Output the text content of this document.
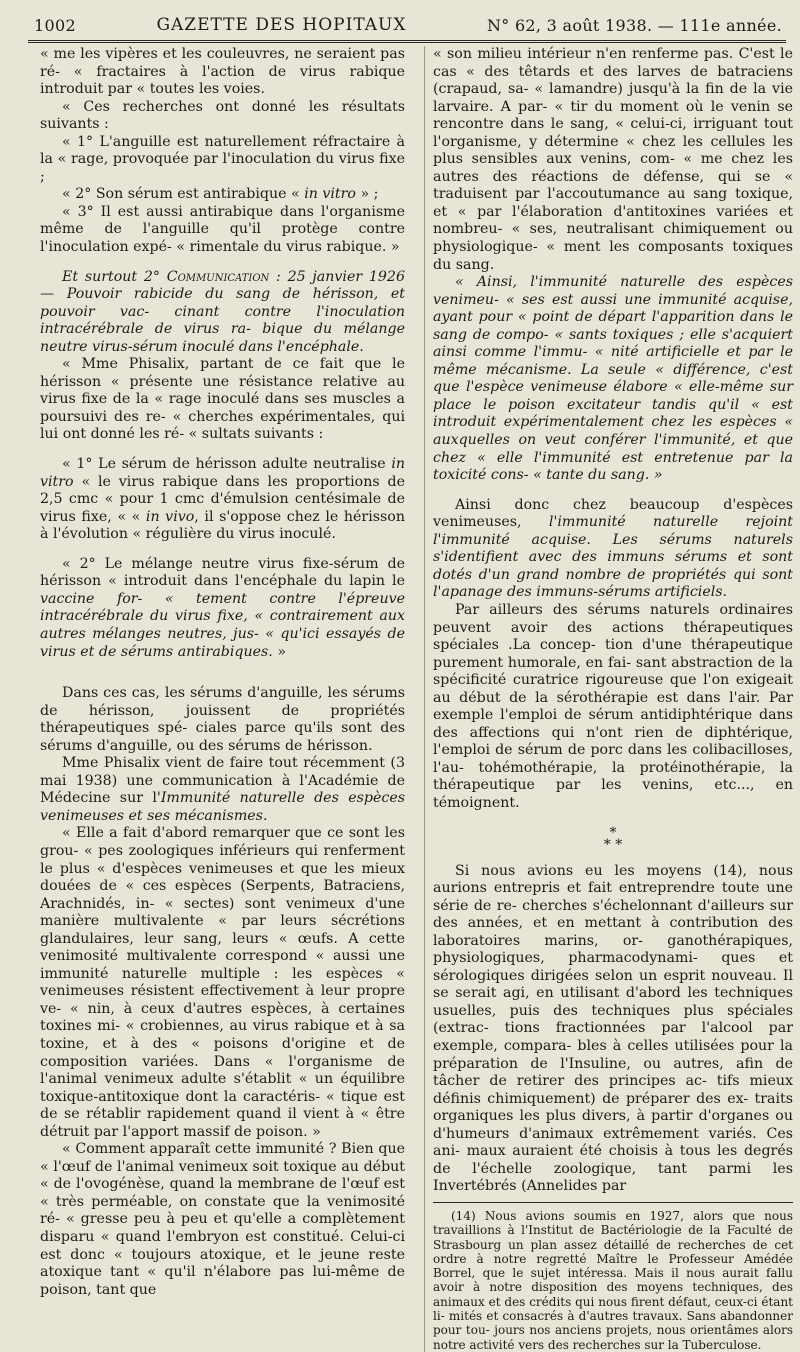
1002	GAZETTE DES HOPITAUX	N° 62, 3 août 1938. — 111e année.

« me les vipères et les couleuvres, ne seraient pas ré- « fractaires à l'action de virus rabique introduit par « toutes les voies.

« Ces recherches ont donné les résultats suivants :

« 1° L'anguille est naturellement réfractaire à la « rage, provoquée par l'inoculation du virus fixe ;

« 2° Son sérum est antirabique « in vitro » ;

« 3° Il est aussi antirabique dans l'organisme même de l'anguille qu'il protège contre l'inoculation expé- « rimentale du virus rabique. »

Et surtout 2° Communication : 25 janvier 1926 — Pouvoir rabicide du sang de hérisson, et pouvoir vac- cinant contre l'inoculation intracérébrale de virus ra- bique du mélange neutre virus-sérum inoculé dans l'encéphale.

« Mme Phisalix, partant de ce fait que le hérisson « présente une résistance relative au virus fixe de la « rage inoculé dans ses muscles a poursuivi des re- « cherches expérimentales, qui lui ont donné les ré- « sultats suivants :

« 1° Le sérum de hérisson adulte neutralise in vitro « le virus rabique dans les proportions de 2,5 cmc « pour 1 cmc d'émulsion centésimale de virus fixe, « « in vivo, il s'oppose chez le hérisson à l'évolution « régulière du virus inoculé.

« 2° Le mélange neutre virus fixe-sérum de hérisson « introduit dans l'encéphale du lapin le vaccine for- « tement contre l'épreuve intracérébrale du virus fixe, « contrairement aux autres mélanges neutres, jus- « qu'ici essayés de virus et de sérums antirabiques. »

Dans ces cas, les sérums d'anguille, les sérums de hérisson, jouissent de propriétés thérapeutiques spé- ciales parce qu'ils sont des sérums d'anguille, ou des sérums de hérisson.

Mme Phisalix vient de faire tout récemment (3 mai 1938) une communication à l'Académie de Médecine sur l'Immunité naturelle des espèces venimeuses et ses mécanismes.

« Elle a fait d'abord remarquer que ce sont les grou- « pes zoologiques inférieurs qui renferment le plus « d'espèces venimeuses et que les mieux douées de « ces espèces (Serpents, Batraciens, Arachnidés, in- « sectes) sont venimeux d'une manière multivalente « par leurs sécrétions glandulaires, leur sang, leurs « œufs. A cette venimosité multivalente correspond « aussi une immunité naturelle multiple : les espèces « venimeuses résistent effectivement à leur propre ve- « nin, à ceux d'autres espèces, à certaines toxines mi- « crobiennes, au virus rabique et à sa toxine, et à des « poisons d'origine et de composition variées. Dans « l'organisme de l'animal venimeux adulte s'établit « un équilibre toxique-antitoxique dont la caractéris- « tique est de se rétablir rapidement quand il vient à « être détruit par l'apport massif de poison. »

« Comment apparaît cette immunité ? Bien que « l'œuf de l'animal venimeux soit toxique au début « de l'ovogénèse, quand la membrane de l'œuf est « très perméable, on constate que la venimosité ré- « gresse peu à peu et qu'elle a complètement disparu « quand l'embryon est constitué. Celui-ci est donc « toujours atoxique, et le jeune reste atoxique tant « qu'il n'élabore pas lui-même de poison, tant que

« son milieu intérieur n'en renferme pas. C'est le cas « des têtards et des larves de batraciens (crapaud, sa- « lamandre) jusqu'à la fin de la vie larvaire. A par- « tir du moment où le venin se rencontre dans le sang, « celui-ci, irriguant tout l'organisme, y détermine « chez les cellules les plus sensibles aux venins, com- « me chez les autres des réactions de défense, qui se « traduisent par l'accoutumance au sang toxique, et « par l'élaboration d'antitoxines variées et nombreu- « ses, neutralisant chimiquement ou physiologique- « ment les composants toxiques du sang.

« Ainsi, l'immunité naturelle des espèces venimeu- « ses est aussi une immunité acquise, ayant pour « point de départ l'apparition dans le sang de compo- « sants toxiques ; elle s'acquiert ainsi comme l'immu- « nité artificielle et par le même mécanisme. La seule « différence, c'est que l'espèce venimeuse élabore « elle-même sur place le poison excitateur tandis qu'il « est introduit expérimentalement chez les espèces « auxquelles on veut conférer l'immunité, et que chez « elle l'immunité est entretenue par la toxicité cons- « tante du sang. »

Ainsi donc chez beaucoup d'espèces venimeuses, l'immunité naturelle rejoint l'immunité acquise. Les sérums naturels s'identifient avec des immuns sérums et sont dotés d'un grand nombre de propriétés qui sont l'apanage des immuns-sérums artificiels.

Par ailleurs des sérums naturels ordinaires peuvent avoir des actions thérapeutiques spéciales .La concep- tion d'une thérapeutique purement humorale, en fai- sant abstraction de la spécificité curatrice rigoureuse que l'on exigeait au début de la sérothérapie est dans l'air. Par exemple l'emploi de sérum antidiphtérique dans des affections qui n'ont rien de diphtérique, l'emploi de sérum de porc dans les colibacilloses, l'au- tohémothérapie, la protéinothérapie, la thérapeutique par les venins, etc..., en témoignent.

*
* *

Si nous avions eu les moyens (14), nous aurions entrepris et fait entreprendre toute une série de re- cherches s'échelonnant d'ailleurs sur des années, et en mettant à contribution des laboratoires marins, or- ganothérapiques, physiologiques, pharmacodynami- ques et sérologiques dirigées selon un esprit nouveau. Il se serait agi, en utilisant d'abord les techniques usuelles, puis des techniques plus spéciales (extrac- tions fractionnées par l'alcool par exemple, compara- bles à celles utilisées pour la préparation de l'Insuline, ou autres, afin de tâcher de retirer des principes ac- tifs mieux définis chimiquement) de préparer des ex- traits organiques les plus divers, à partir d'organes ou d'humeurs d'animaux extrêmement variés. Ces ani- maux auraient été choisis à tous les degrés de l'échelle zoologique, tant parmi les Invertébrés (Annelides par

(14) Nous avions soumis en 1927, alors que nous travaillions à l'Institut de Bactériologie de la Faculté de Strasbourg un plan assez détaillé de recherches de cet ordre à notre regretté Maître le Professeur Amédée Borrel, que le sujet intéressa. Mais il nous aurait fallu avoir à notre disposition des moyens techniques, des animaux et des crédits qui nous firent défaut, ceux-ci étant li- mités et consacrés à d'autres travaux. Sans abandonner pour tou- jours nos anciens projets, nous orientâmes alors notre activité vers des recherches sur la Tuberculose.
